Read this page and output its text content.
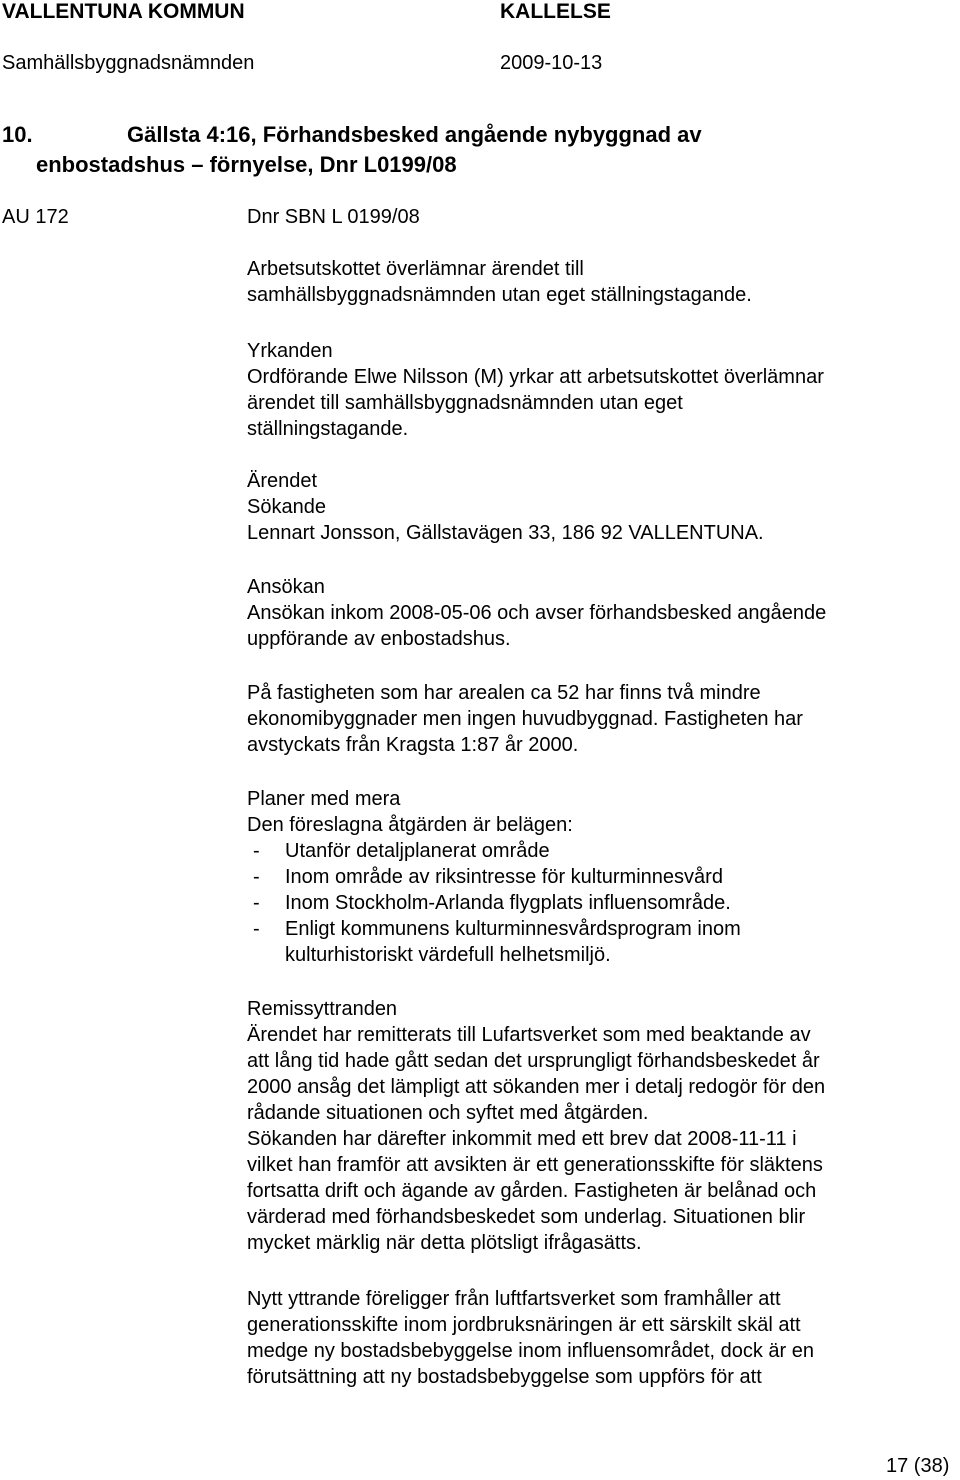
VALLENTUNA KOMMUN	KALLELSE
Samhällsbyggnadsnämnden	2009-10-13
10.	Gällsta 4:16, Förhandsbesked angående nybyggnad av
enbostadshus – förnyelse, Dnr L0199/08
AU 172	Dnr SBN L 0199/08
Arbetsutskottet överlämnar ärendet till
samhällsbyggnadsnämnden utan eget ställningstagande.
Yrkanden
Ordförande Elwe Nilsson (M) yrkar att arbetsutskottet överlämnar
ärendet till samhällsbyggnadsnämnden utan eget
ställningstagande.
Ärendet
Sökande
Lennart Jonsson, Gällstavägen 33, 186 92 VALLENTUNA.
Ansökan
Ansökan inkom 2008-05-06 och avser förhandsbesked angående
uppförande av enbostadshus.
På fastigheten som har arealen ca 52 har finns två mindre
ekonomibyggnader men ingen huvudbyggnad. Fastigheten har
avstyckats från Kragsta 1:87 år 2000.
Planer med mera
Den föreslagna åtgärden är belägen:
- Utanför detaljplanerat område
- Inom område av riksintresse för kulturminnesvård
- Inom Stockholm-Arlanda flygplats influensområde.
- Enligt kommunens kulturminnesvårdsprogram inom
kulturhistoriskt värdefull helhetsmiljö.
Remissyttranden
Ärendet har remitterats till Lufartsverket som med beaktande av
att lång tid hade gått sedan det ursprungligt förhandsbeskedet år
2000 ansåg det lämpligt att sökanden mer i detalj redogör för den
rådande situationen och syftet med åtgärden.
Sökanden har därefter inkommit med ett brev dat 2008-11-11 i
vilket han framför att avsikten är ett generationsskifte för släktens
fortsatta drift och ägande av gården. Fastigheten är belånad och
värderad med förhandsbeskedet som underlag. Situationen blir
mycket märklig när detta plötsligt ifrågasätts.
Nytt yttrande föreligger från luftfartsverket som framhåller att
generationsskifte inom jordbruksnäringen är ett särskilt skäl att
medge ny bostadsbebyggelse inom influensområdet, dock är en
förutsättning att ny bostadsbebyggelse som uppförs för att
17 (38)
